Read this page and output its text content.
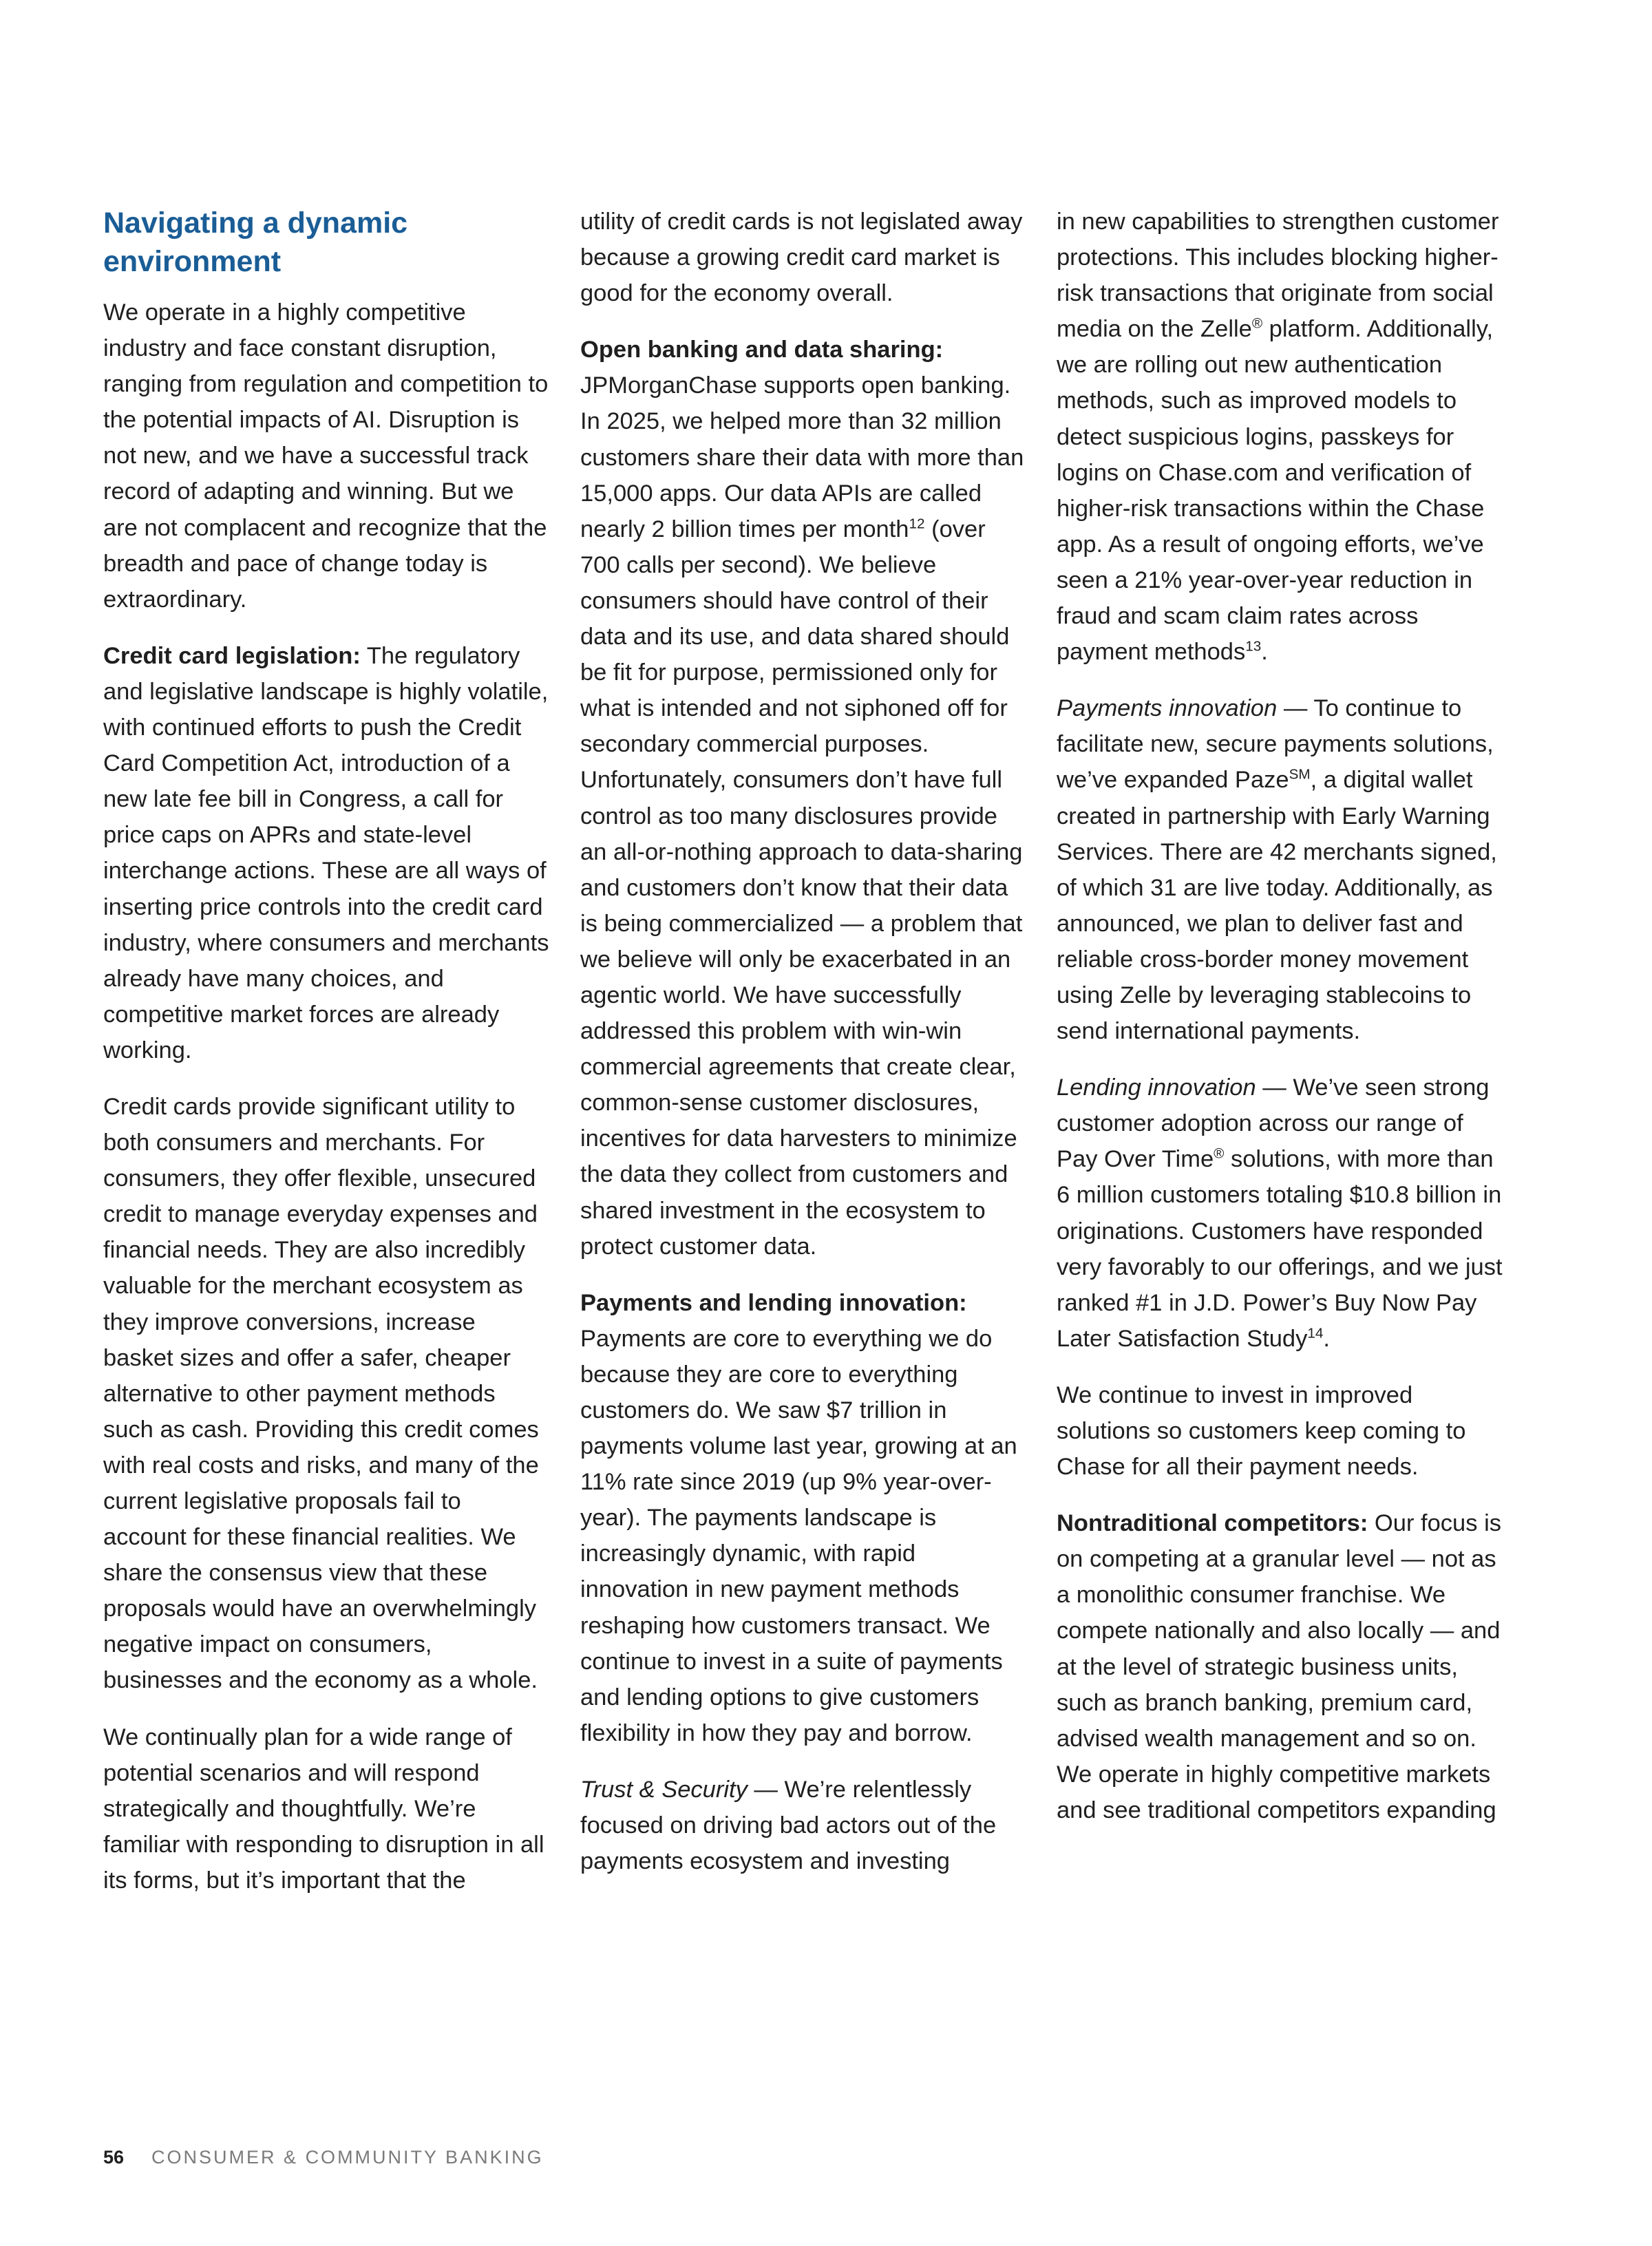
Navigating a dynamic environment

We operate in a highly competitive industry and face constant disruption, ranging from regulation and competition to the potential impacts of AI. Disruption is not new, and we have a successful track record of adapting and winning. But we are not complacent and recognize that the breadth and pace of change today is extraordinary.

Credit card legislation: The regulatory and legislative landscape is highly volatile, with continued efforts to push the Credit Card Competition Act, introduction of a new late fee bill in Congress, a call for price caps on APRs and state-level interchange actions. These are all ways of inserting price controls into the credit card industry, where consumers and merchants already have many choices, and competitive market forces are already working.

Credit cards provide significant utility to both consumers and merchants. For consumers, they offer flexible, unsecured credit to manage everyday expenses and financial needs. They are also incredibly valuable for the merchant ecosystem as they improve conversions, increase basket sizes and offer a safer, cheaper alternative to other payment methods such as cash. Providing this credit comes with real costs and risks, and many of the current legislative proposals fail to account for these financial realities. We share the consensus view that these proposals would have an overwhelmingly negative impact on consumers, businesses and the economy as a whole.

We continually plan for a wide range of potential scenarios and will respond strategically and thoughtfully. We’re familiar with responding to disruption in all its forms, but it’s important that the

utility of credit cards is not legislated away because a growing credit card market is good for the economy overall.

Open banking and data sharing: JPMorganChase supports open banking. In 2025, we helped more than 32 million customers share their data with more than 15,000 apps. Our data APIs are called nearly 2 billion times per month$^{12}$ (over 700 calls per second). We believe consumers should have control of their data and its use, and data shared should be fit for purpose, permissioned only for what is intended and not siphoned off for secondary commercial purposes. Unfortunately, consumers don’t have full control as too many disclosures provide an all-or-nothing approach to data-sharing and customers don’t know that their data is being commercialized — a problem that we believe will only be exacerbated in an agentic world. We have successfully addressed this problem with win-win commercial agreements that create clear, common-sense customer disclosures, incentives for data harvesters to minimize the data they collect from customers and shared investment in the ecosystem to protect customer data.

Payments and lending innovation: Payments are core to everything we do because they are core to everything customers do. We saw $7 trillion in payments volume last year, growing at an 11% rate since 2019 (up 9% year-over-year). The payments landscape is increasingly dynamic, with rapid innovation in new payment methods reshaping how customers transact. We continue to invest in a suite of payments and lending options to give customers flexibility in how they pay and borrow.

Trust & Security — We’re relentlessly focused on driving bad actors out of the payments ecosystem and investing

in new capabilities to strengthen customer protections. This includes blocking higher-risk transactions that originate from social media on the Zelle® platform. Additionally, we are rolling out new authentication methods, such as improved models to detect suspicious logins, passkeys for logins on Chase.com and verification of higher-risk transactions within the Chase app. As a result of ongoing efforts, we’ve seen a 21% year-over-year reduction in fraud and scam claim rates across payment methods$^{13}$.

Payments innovation — To continue to facilitate new, secure payments solutions, we’ve expanded Paze℠, a digital wallet created in partnership with Early Warning Services. There are 42 merchants signed, of which 31 are live today. Additionally, as announced, we plan to deliver fast and reliable cross-border money movement using Zelle by leveraging stablecoins to send international payments.

Lending innovation — We’ve seen strong customer adoption across our range of Pay Over Time® solutions, with more than 6 million customers totaling $10.8 billion in originations. Customers have responded very favorably to our offerings, and we just ranked #1 in J.D. Power’s Buy Now Pay Later Satisfaction Study$^{14}$.

We continue to invest in improved solutions so customers keep coming to Chase for all their payment needs.

Nontraditional competitors: Our focus is on competing at a granular level — not as a monolithic consumer franchise. We compete nationally and also locally — and at the level of strategic business units, such as branch banking, premium card, advised wealth management and so on. We operate in highly competitive markets and see traditional competitors expanding

56 CONSUMER & COMMUNITY BANKING
